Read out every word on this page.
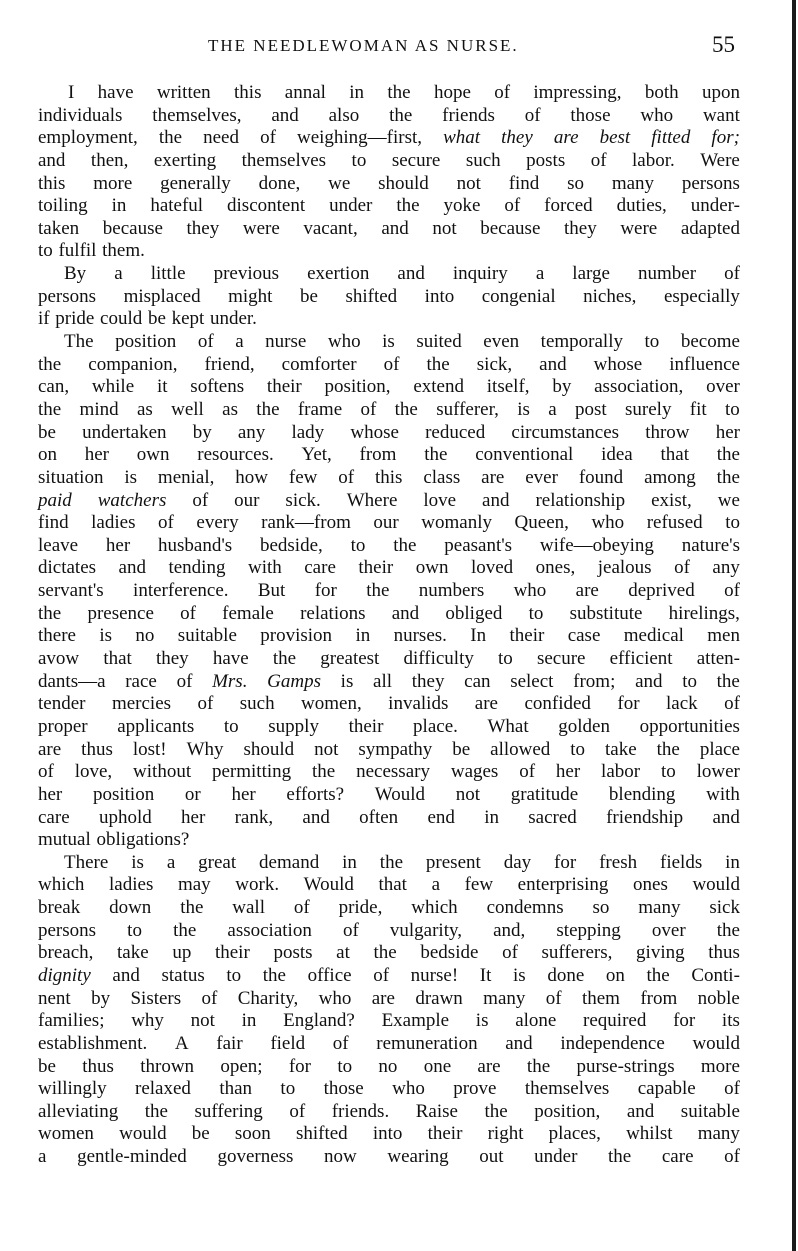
THE NEEDLEWOMAN AS NURSE.	55
I have written this annal in the hope of impressing, both upon
individuals themselves, and also the friends of those who want
employment, the need of weighing—first, what they are best fitted for;
and then, exerting themselves to secure such posts of labor. Were
this more generally done, we should not find so many persons
toiling in hateful discontent under the yoke of forced duties, under-
taken because they were vacant, and not because they were adapted
to fulfil them.
By a little previous exertion and inquiry a large number of
persons misplaced might be shifted into congenial niches, especially
if pride could be kept under.
The position of a nurse who is suited even temporally to become
the companion, friend, comforter of the sick, and whose influence
can, while it softens their position, extend itself, by association, over
the mind as well as the frame of the sufferer, is a post surely fit to
be undertaken by any lady whose reduced circumstances throw her
on her own resources. Yet, from the conventional idea that the
situation is menial, how few of this class are ever found among the
paid watchers of our sick. Where love and relationship exist, we
find ladies of every rank—from our womanly Queen, who refused to
leave her husband's bedside, to the peasant's wife—obeying nature's
dictates and tending with care their own loved ones, jealous of any
servant's interference. But for the numbers who are deprived of
the presence of female relations and obliged to substitute hirelings,
there is no suitable provision in nurses. In their case medical men
avow that they have the greatest difficulty to secure efficient atten-
dants—a race of Mrs. Gamps is all they can select from; and to the
tender mercies of such women, invalids are confided for lack of
proper applicants to supply their place. What golden opportunities
are thus lost! Why should not sympathy be allowed to take the place
of love, without permitting the necessary wages of her labor to lower
her position or her efforts? Would not gratitude blending with
care uphold her rank, and often end in sacred friendship and
mutual obligations?
There is a great demand in the present day for fresh fields in
which ladies may work. Would that a few enterprising ones would
break down the wall of pride, which condemns so many sick
persons to the association of vulgarity, and, stepping over the
breach, take up their posts at the bedside of sufferers, giving thus
dignity and status to the office of nurse! It is done on the Conti-
nent by Sisters of Charity, who are drawn many of them from noble
families; why not in England? Example is alone required for its
establishment. A fair field of remuneration and independence would
be thus thrown open; for to no one are the purse-strings more
willingly relaxed than to those who prove themselves capable of
alleviating the suffering of friends. Raise the position, and suitable
women would be soon shifted into their right places, whilst many
a gentle-minded governess now wearing out under the care of
